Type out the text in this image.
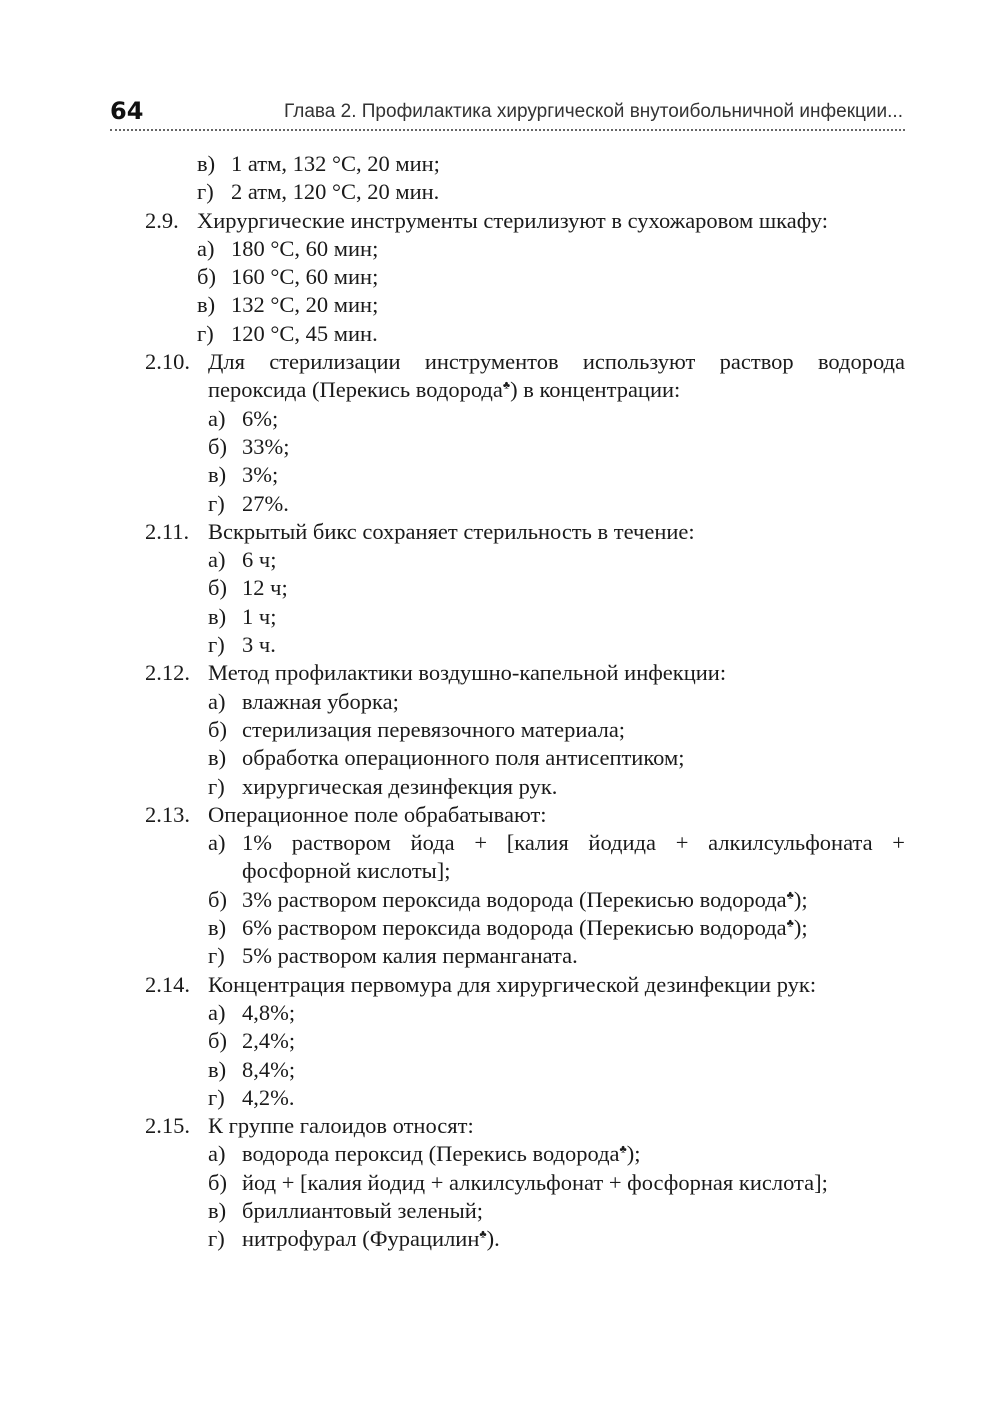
64	Глава 2. Профилактика хирургической внутоибольничной инфекции...
в) 1 атм, 132 °С, 20 мин;
г) 2 атм, 120 °С, 20 мин.
2.9. Хирургические инструменты стерилизуют в сухожаровом шкафу:
а) 180 °С, 60 мин;
б) 160 °С, 60 мин;
в) 132 °С, 20 мин;
г) 120 °С, 45 мин.
2.10. Для стерилизации инструментов используют раствор водорода пероксида (Перекись водорода♣) в концентрации:
а) 6%;
б) 33%;
в) 3%;
г) 27%.
2.11. Вскрытый бикс сохраняет стерильность в течение:
а) 6 ч;
б) 12 ч;
в) 1 ч;
г) 3 ч.
2.12. Метод профилактики воздушно-капельной инфекции:
а) влажная уборка;
б) стерилизация перевязочного материала;
в) обработка операционного поля антисептиком;
г) хирургическая дезинфекция рук.
2.13. Операционное поле обрабатывают:
а) 1% раствором йода + [калия йодида + алкилсульфоната + фосфорной кислоты];
б) 3% раствором пероксида водорода (Перекисью водорода♣);
в) 6% раствором пероксида водорода (Перекисью водорода♣);
г) 5% раствором калия перманганата.
2.14. Концентрация первомура для хирургической дезинфекции рук:
а) 4,8%;
б) 2,4%;
в) 8,4%;
г) 4,2%.
2.15. К группе галоидов относят:
а) водорода пероксид (Перекись водорода♣);
б) йод + [калия йодид + алкилсульфонат + фосфорная кислота];
в) бриллиантовый зеленый;
г) нитрофурал (Фурацилин♣).
